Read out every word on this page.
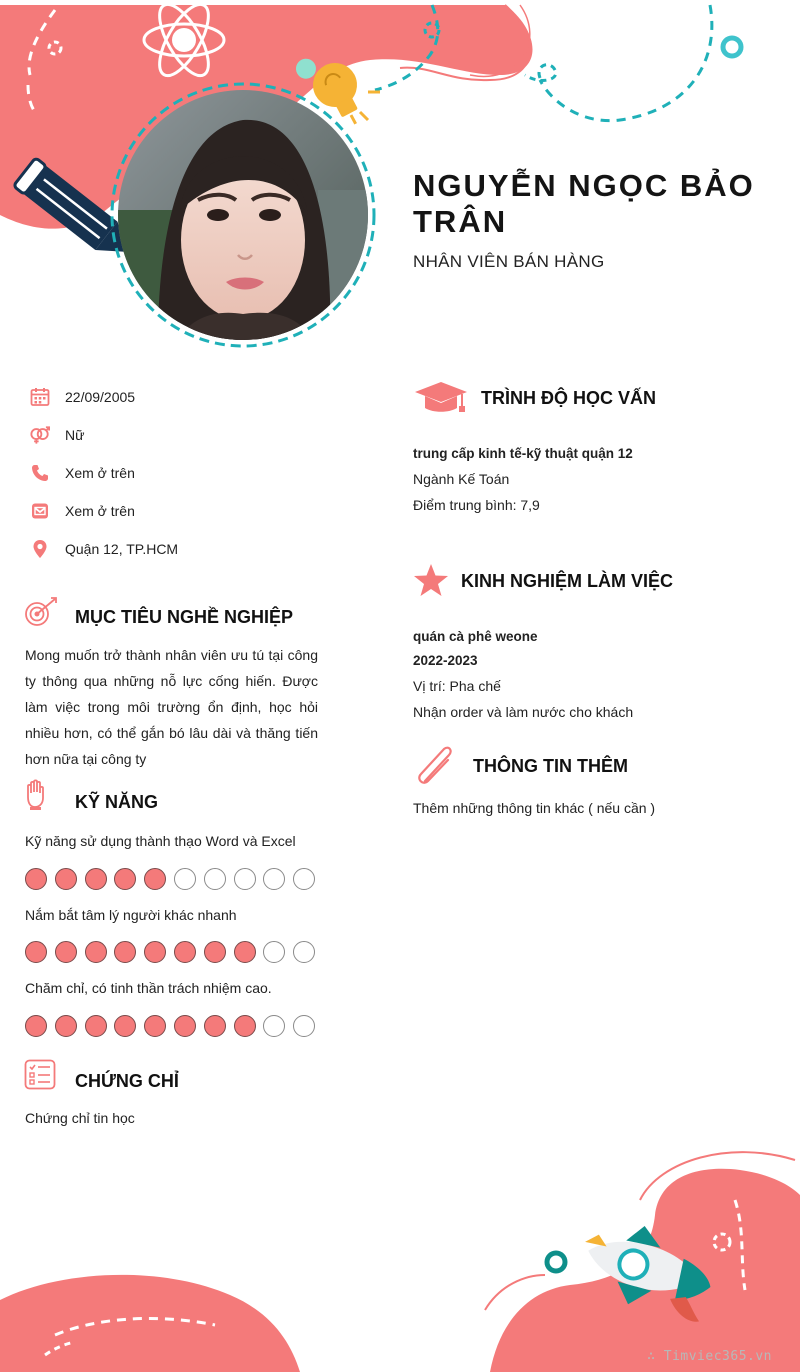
NGUYỄN NGỌC BẢO TRÂN
NHÂN VIÊN BÁN HÀNG
22/09/2005
Nữ
Xem ở trên
Xem ở trên
Quận 12, TP.HCM
MỤC TIÊU NGHỀ NGHIỆP
Mong muốn trở thành nhân viên ưu tú tại công ty thông qua những nỗ lực cống hiến. Được làm việc trong môi trường ổn định, học hỏi nhiều hơn, có thể gắn bó lâu dài và thăng tiến hơn nữa tại công ty
KỸ NĂNG
Kỹ năng sử dụng thành thạo Word và Excel
Nắm bắt tâm lý người khác nhanh
Chăm chỉ, có tinh thần trách nhiệm cao.
CHỨNG CHỈ
Chứng chỉ tin học
TRÌNH ĐỘ HỌC VẤN
trung cấp kinh tế-kỹ thuật quận 12
Ngành Kế Toán
Điểm trung bình: 7,9
KINH NGHIỆM LÀM VIỆC
quán cà phê weone
2022-2023
Vị trí: Pha chế
Nhận order và làm nước cho khách
THÔNG TIN THÊM
Thêm những thông tin khác ( nếu cần )
∴ Timviec365.vn
